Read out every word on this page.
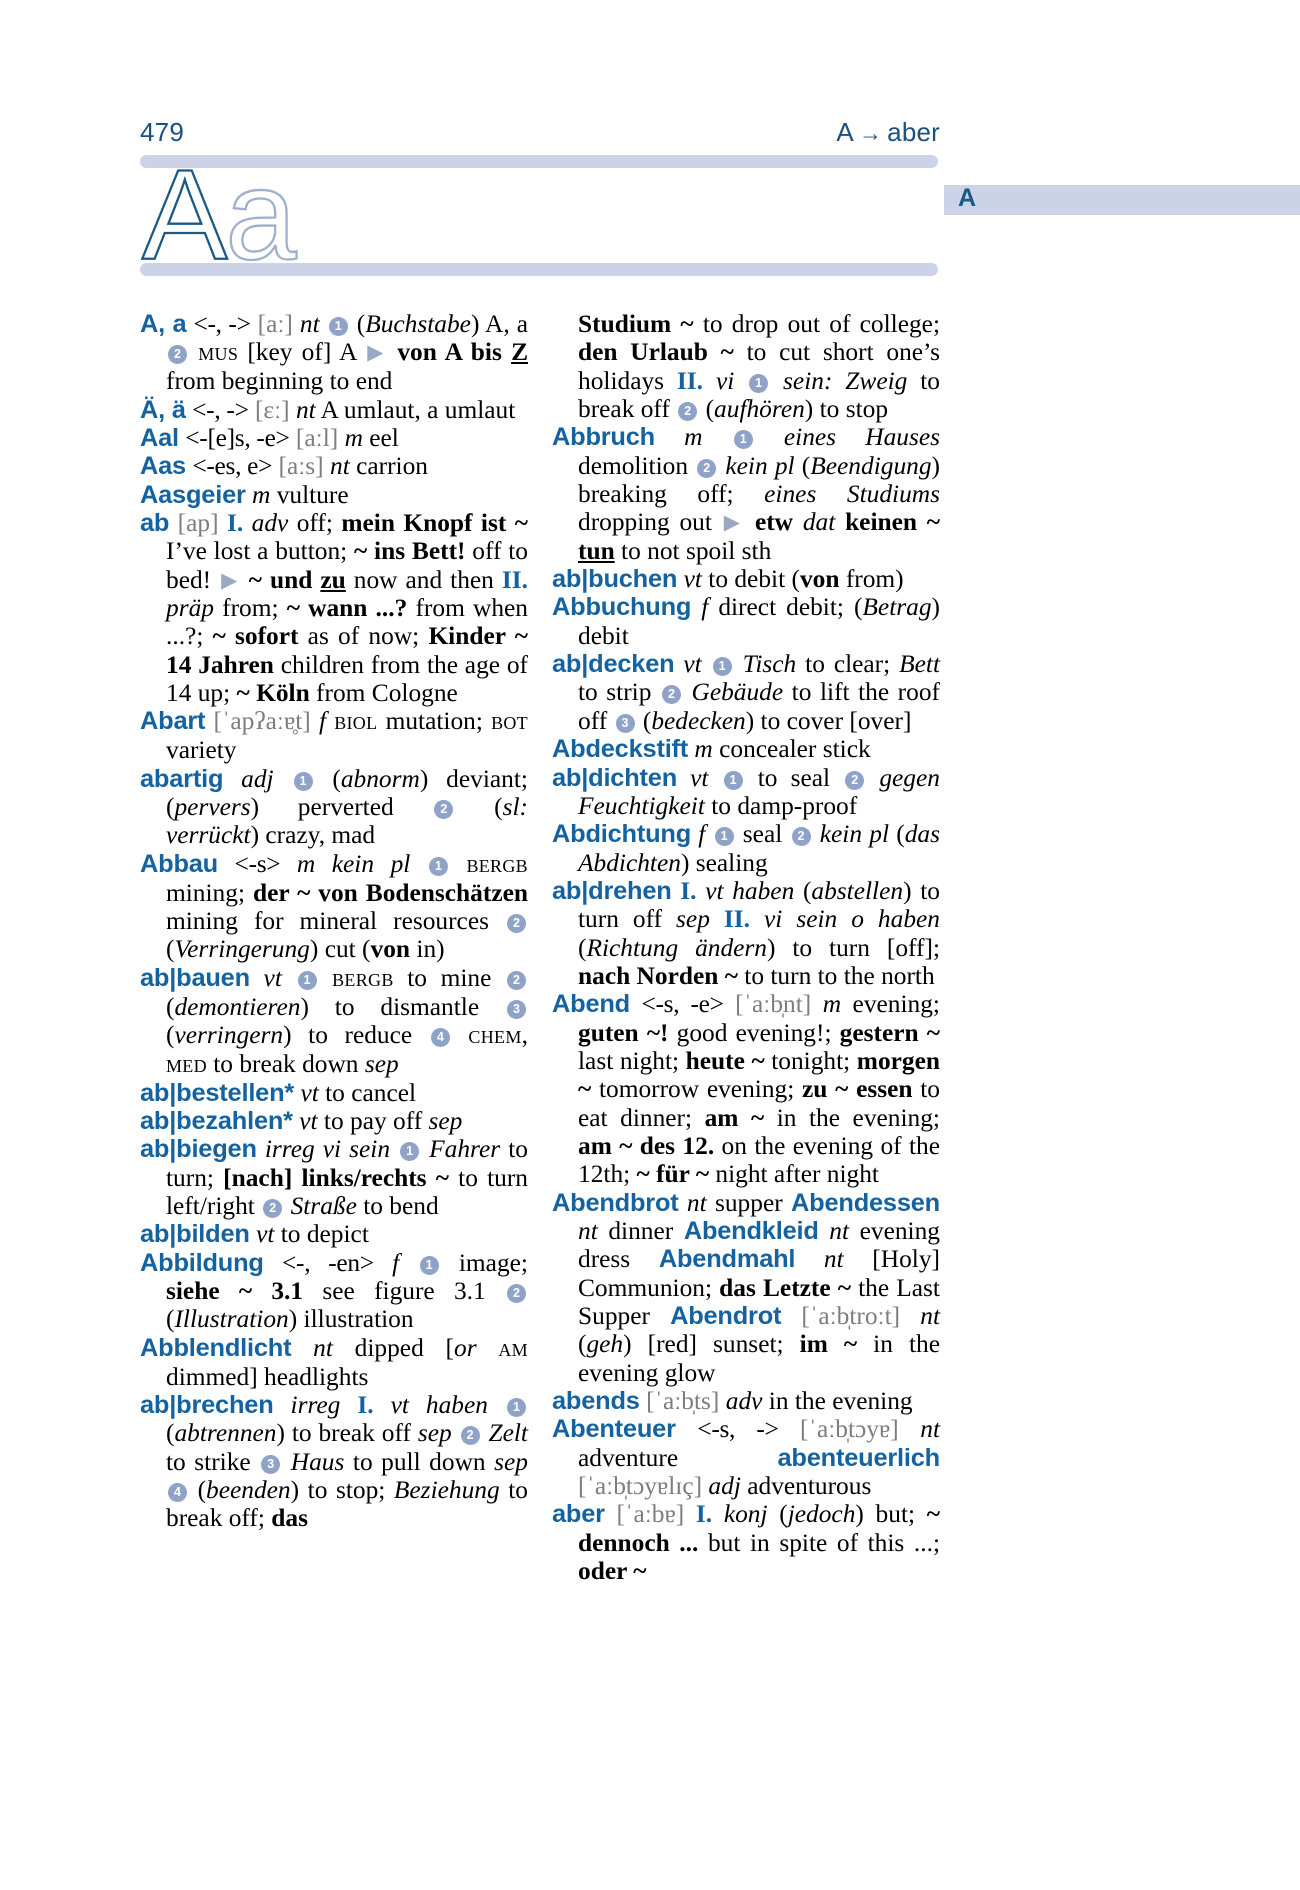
479	A → aber
Aa	A

A, a <-, -> [aː] nt 1 (Buchstabe) A, a 2 mus [key of] A ▶ von A bis Z from beginning to end

Ä, ä <-, -> [ɛː] nt A umlaut, a umlaut

Aal <-[e]s, -e> [aːl] m eel

Aas <-es, e> [aːs] nt carrion

Aasgeier m vulture

ab [ap] I. adv off; mein Knopf ist ~ I’ve lost a button; ~ ins Bett! off to bed! ▶ ~ und zu now and then II. präp from; ~ wann ...? from when ...?; ~ sofort as of now; Kinder ~ 14 Jahren children from the age of 14 up; ~ Köln from Cologne

Abart [ˈapʔaːɐ̥t] f biol mutation; bot variety

abartig adj 1 (abnorm) deviant; (pervers) perverted 2 (sl: verrückt) crazy, mad

Abbau <-s> m kein pl 1 bergb mining; der ~ von Bodenschätzen mining for mineral resources 2 (Verringerung) cut (von in)

ab|bauen vt 1 bergb to mine 2 (demontieren) to dismantle 3 (verringern) to reduce 4 chem, med to break down sep

ab|bestellen* vt to cancel

ab|bezahlen* vt to pay off sep

ab|biegen irreg vi sein 1 Fahrer to turn; [nach] links/rechts ~ to turn left/right 2 Straße to bend

ab|bilden vt to depict

Abbildung <-, -en> f 1 image; siehe ~ 3.1 see figure 3.1 2 (Illustration) illustration

Abblendlicht nt dipped [or am dimmed] headlights

ab|brechen irreg I. vt haben 1 (abtrennen) to break off sep 2 Zelt to strike 3 Haus to pull down sep 4 (beenden) to stop; Beziehung to break off; das

Studium ~ to drop out of college; den Urlaub ~ to cut short one’s holidays II. vi 1 sein: Zweig to break off 2 (aufhören) to stop

Abbruch m	1 eines Hauses demolition 2 kein pl (Beendigung) breaking off; eines Studiums dropping out ▶ etw dat keinen ~ tun to not spoil sth

ab|buchen vt to debit (von from)

Abbuchung f direct debit; (Betrag) debit

ab|decken vt 1 Tisch to clear; Bett to strip 2 Gebäude to lift the roof off 3 (bedecken) to cover [over]

Abdeckstift m concealer stick

ab|dichten vt 1 to seal 2 gegen Feuchtigkeit to damp-proof

Abdichtung f 1 seal 2 kein pl (das Abdichten) sealing

ab|drehen I. vt haben (abstellen) to turn off sep II. vi sein o haben (Richtung ändern) to turn [off]; nach Norden ~ to turn to the north

Abend <-s, -e> [ˈaːb̩nt] m evening; guten ~! good evening!; gestern ~ last night; heute ~ tonight; morgen ~ tomorrow evening; zu ~ essen to eat dinner; am ~ in the evening; am ~ des 12. on the evening of the 12th; ~ für ~ night after night

Abendbrot nt supper Abendessen nt dinner Abendkleid nt evening dress Abendmahl nt [Holy] Communion; das Letzte ~ the Last Supper Abendrot [ˈaːb̩troːt] nt (geh) [red] sunset; im ~ in the evening glow

abends [ˈaːb̩ts] adv in the evening

Abenteuer <-s, -> [ˈaːb̩tɔyɐ] nt adventure abenteuerlich [ˈaːb̩tɔyɐlɪç] adj adventurous

aber [ˈaːbɐ] I. konj (jedoch) but; ~ dennoch ... but in spite of this ...; oder ~
